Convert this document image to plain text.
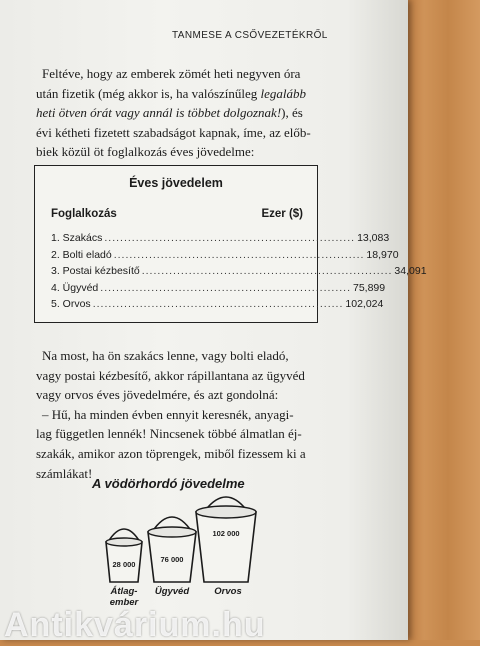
TANMESE A CSŐVEZETÉKRŐL

Feltéve, hogy az emberek zömét heti negyven óra

után fizetik (még akkor is, ha valószínűleg legalább

heti ötven órát vagy annál is többet dolgoznak!), és

évi kétheti fizetett szabadságot kapnak, íme, az előb-

biek közül öt foglalkozás éves jövedelme:

Éves jövedelem
Foglalkozás	Ezer ($)
1. Szakács ................................................................ 13,083
2. Bolti eladó ................................................................ 18,970
3. Postai kézbesítő ................................................................ 34,091
4. Ügyvéd ................................................................ 75,899
5. Orvos ................................................................ 102,024

Na most, ha ön szakács lenne, vagy bolti eladó,

vagy postai kézbesítő, akkor rápillantana az ügyvéd

vagy orvos éves jövedelmére, és azt gondolná:

– Hű, ha minden évben ennyit keresnék, anyagi-

lag független lennék! Nincsenek többé álmatlan éj-

szakák, amikor azon töprengek, miből fizessem ki a

számlákat!

A vödörhordó jövedelme
28 000
76 000
102 000
Átlag-
ember
Ügyvéd	Orvos
Antikvárium.hu
